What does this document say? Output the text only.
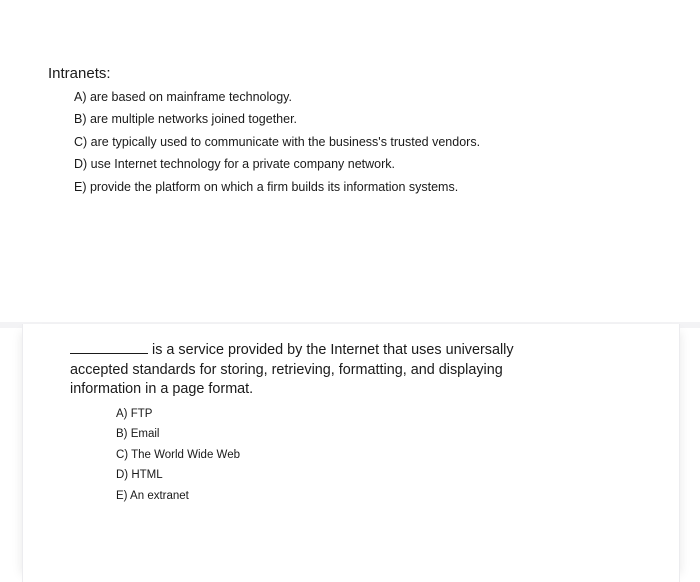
Intranets:

A) are based on mainframe technology.
B) are multiple networks joined together.
C) are typically used to communicate with the business's trusted vendors.
D) use Internet technology for a private company network.
E) provide the platform on which a firm builds its information systems.

is a service provided by the Internet that uses universally
accepted standards for storing, retrieving, formatting, and displaying
information in a page format.

A) FTP
B) Email
C) The World Wide Web
D) HTML
E) An extranet
